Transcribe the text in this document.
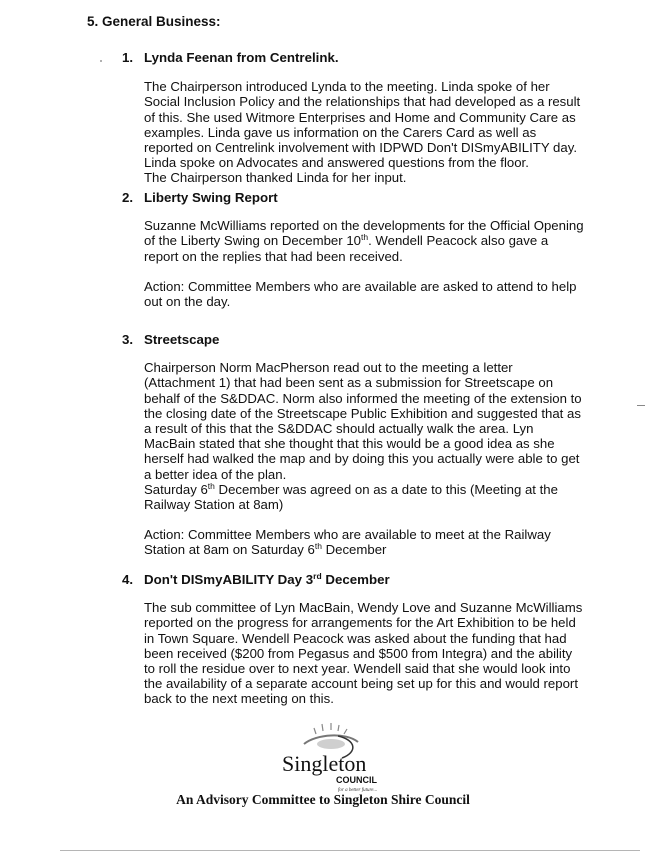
5. General Business:
1. Lynda Feenan from Centrelink.
The Chairperson introduced Lynda to the meeting. Linda spoke of her Social Inclusion Policy and the relationships that had developed as a result of this. She used Witmore Enterprises and Home and Community Care as examples. Linda gave us information on the Carers Card as well as reported on Centrelink involvement with IDPWD Don't DISmyABILITY day. Linda spoke on Advocates and answered questions from the floor.
The Chairperson thanked Linda for her input.
2. Liberty Swing Report
Suzanne McWilliams reported on the developments for the Official Opening of the Liberty Swing on December 10th. Wendell Peacock also gave a report on the replies that had been received.
Action: Committee Members who are available are asked to attend to help out on the day.
3. Streetscape
Chairperson Norm MacPherson read out to the meeting a letter (Attachment 1) that had been sent as a submission for Streetscape on behalf of the S&DDAC. Norm also informed the meeting of the extension to the closing date of the Streetscape Public Exhibition and suggested that as a result of this that the S&DDAC should actually walk the area. Lyn MacBain stated that she thought that this would be a good idea as she herself had walked the map and by doing this you actually were able to get a better idea of the plan.
Saturday 6th December was agreed on as a date to this (Meeting at the Railway Station at 8am)
Action: Committee Members who are available to meet at the Railway Station at 8am on Saturday 6th December
4. Don't DISmyABILITY Day 3rd December
The sub committee of Lyn MacBain, Wendy Love and Suzanne McWilliams reported on the progress for arrangements for the Art Exhibition to be held in Town Square. Wendell Peacock was asked about the funding that had been received ($200 from Pegasus and $500 from Integra) and the ability to roll the residue over to next year. Wendell said that she would look into the availability of a separate account being set up for this and would report back to the next meeting on this.
Singleton
COUNCIL
for a better future...
An Advisory Committee to Singleton Shire Council
